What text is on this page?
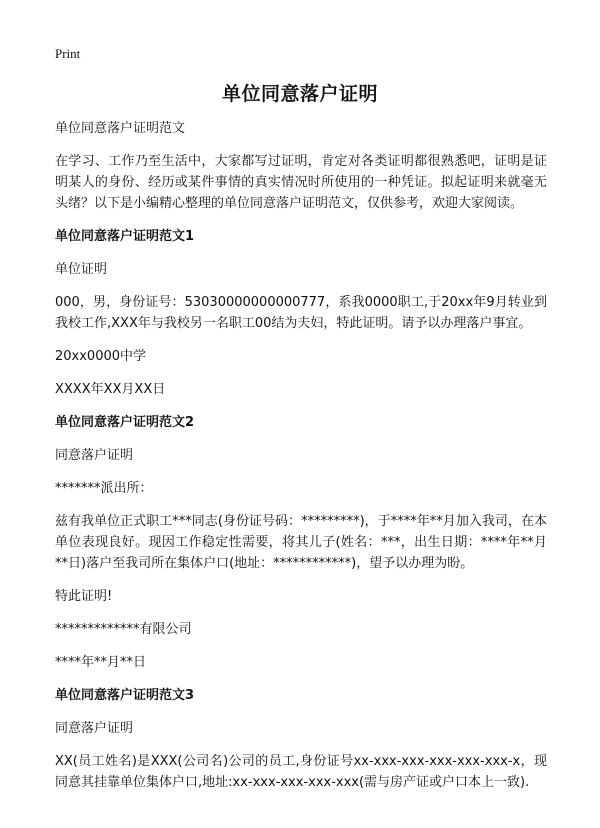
Print
单位同意落户证明

单位同意落户证明范文

在学习、工作乃至生活中，大家都写过证明，肯定对各类证明都很熟悉吧，证明是证明某人的身份、经历或某件事情的真实情况时所使用的一种凭证。拟起证明来就毫无头绪？以下是小编精心整理的单位同意落户证明范文，仅供参考，欢迎大家阅读。

单位同意落户证明范文1

单位证明

000，男，身份证号：53030000000000777，系我0000职工,于20xx年9月转业到我校工作,XXX年与我校另一名职工00结为夫妇，特此证明。请予以办理落户事宜。

20xx0000中学

XXXX年XX月XX日

单位同意落户证明范文2

同意落户证明

*******派出所：

兹有我单位正式职工***同志(身份证号码：*********)，于****年**月加入我司，在本单位表现良好。现因工作稳定性需要，将其儿子(姓名：***，出生日期：****年**月**日)落户至我司所在集体户口(地址：************)，望予以办理为盼。

特此证明!

*************有限公司

****年**月**日

单位同意落户证明范文3

同意落户证明

XX(员工姓名)是XXX(公司名)公司的员工,身份证号xx-xxx-xxx-xxx-xxx-xxx-x，现同意其挂靠单位集体户口,地址:xx-xxx-xxx-xxx-xxx(需与房产证或户口本上一致).
